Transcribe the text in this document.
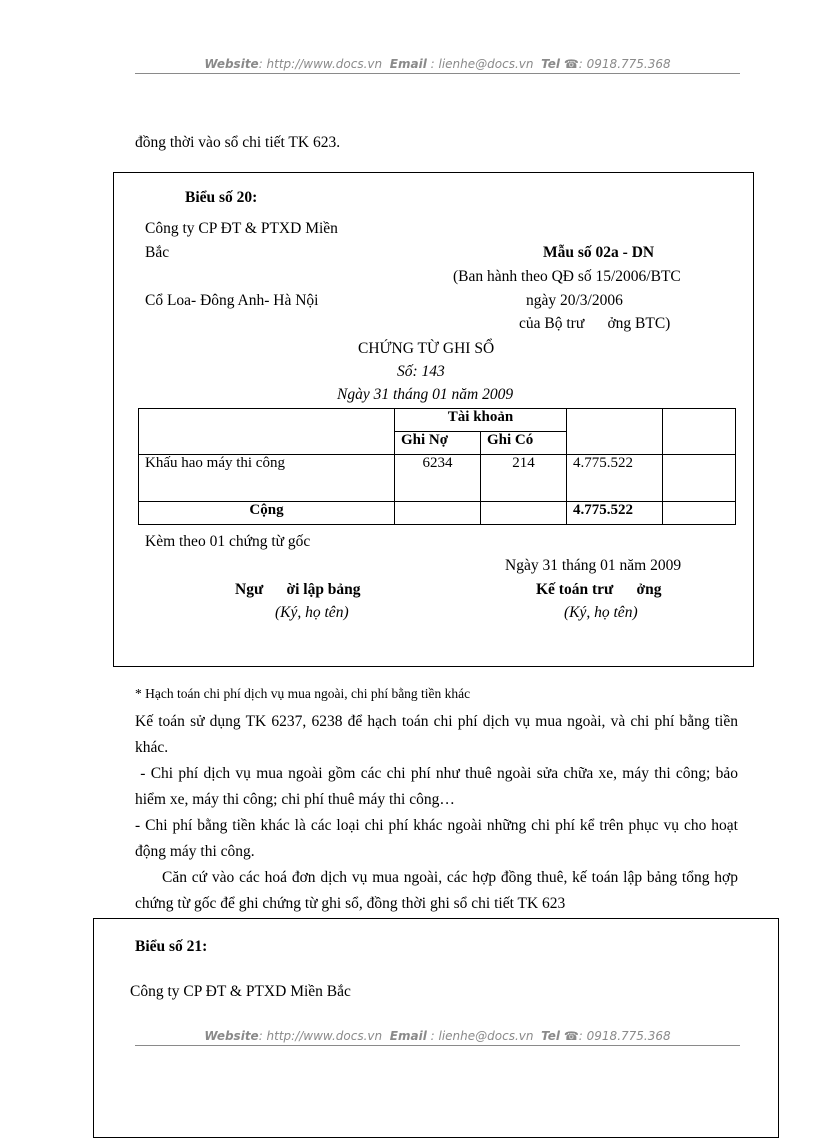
Website: http://www.docs.vn Email : lienhe@docs.vn Tel ☎: 0918.775.368
đồng thời vào sổ chi tiết TK 623.
Biểu số 20:
Công ty CP ĐT & PTXD Miền
Bắc	Mẫu số 02a - DN
(Ban hành theo QĐ số 15/2006/BTC
Cổ Loa- Đông Anh- Hà Nội	ngày 20/3/2006
của Bộ trư      ởng BTC)
CHỨNG TỪ GHI SỔ
Số: 143
Ngày 31 tháng 01 năm 2009
	Tài khoản			
	Ghi Nợ	Ghi Có		
Khấu hao máy thi công	6234	214	4.775.522	
Cộng			4.775.522	
Kèm theo 01 chứng từ gốc
Ngày 31 tháng 01 năm 2009
Ngư      ời lập bảng	Kế toán trư      ởng
(Ký, họ tên)	(Ký, họ tên)
* Hạch toán chi phí dịch vụ mua ngoài, chi phí bằng tiền khác
Kế toán sử dụng TK 6237, 6238 để hạch toán chi phí dịch vụ mua ngoài, và chi phí bằng tiền khác.
- Chi phí dịch vụ mua ngoài gồm các chi phí như thuê ngoài sửa chữa xe, máy thi công; bảo hiểm xe, máy thi công; chi phí thuê máy thi công…
- Chi phí bằng tiền khác là các loại chi phí khác ngoài những chi phí kể trên phục vụ cho hoạt động máy thi công.
Căn cứ vào các hoá đơn dịch vụ mua ngoài, các hợp đồng thuê, kế toán lập bảng tổng hợp chứng từ gốc để ghi chứng từ ghi sổ, đồng thời ghi sổ chi tiết TK 623
Biểu số 21:
Công ty CP ĐT & PTXD Miền Bắc
Website: http://www.docs.vn Email : lienhe@docs.vn Tel ☎: 0918.775.368
